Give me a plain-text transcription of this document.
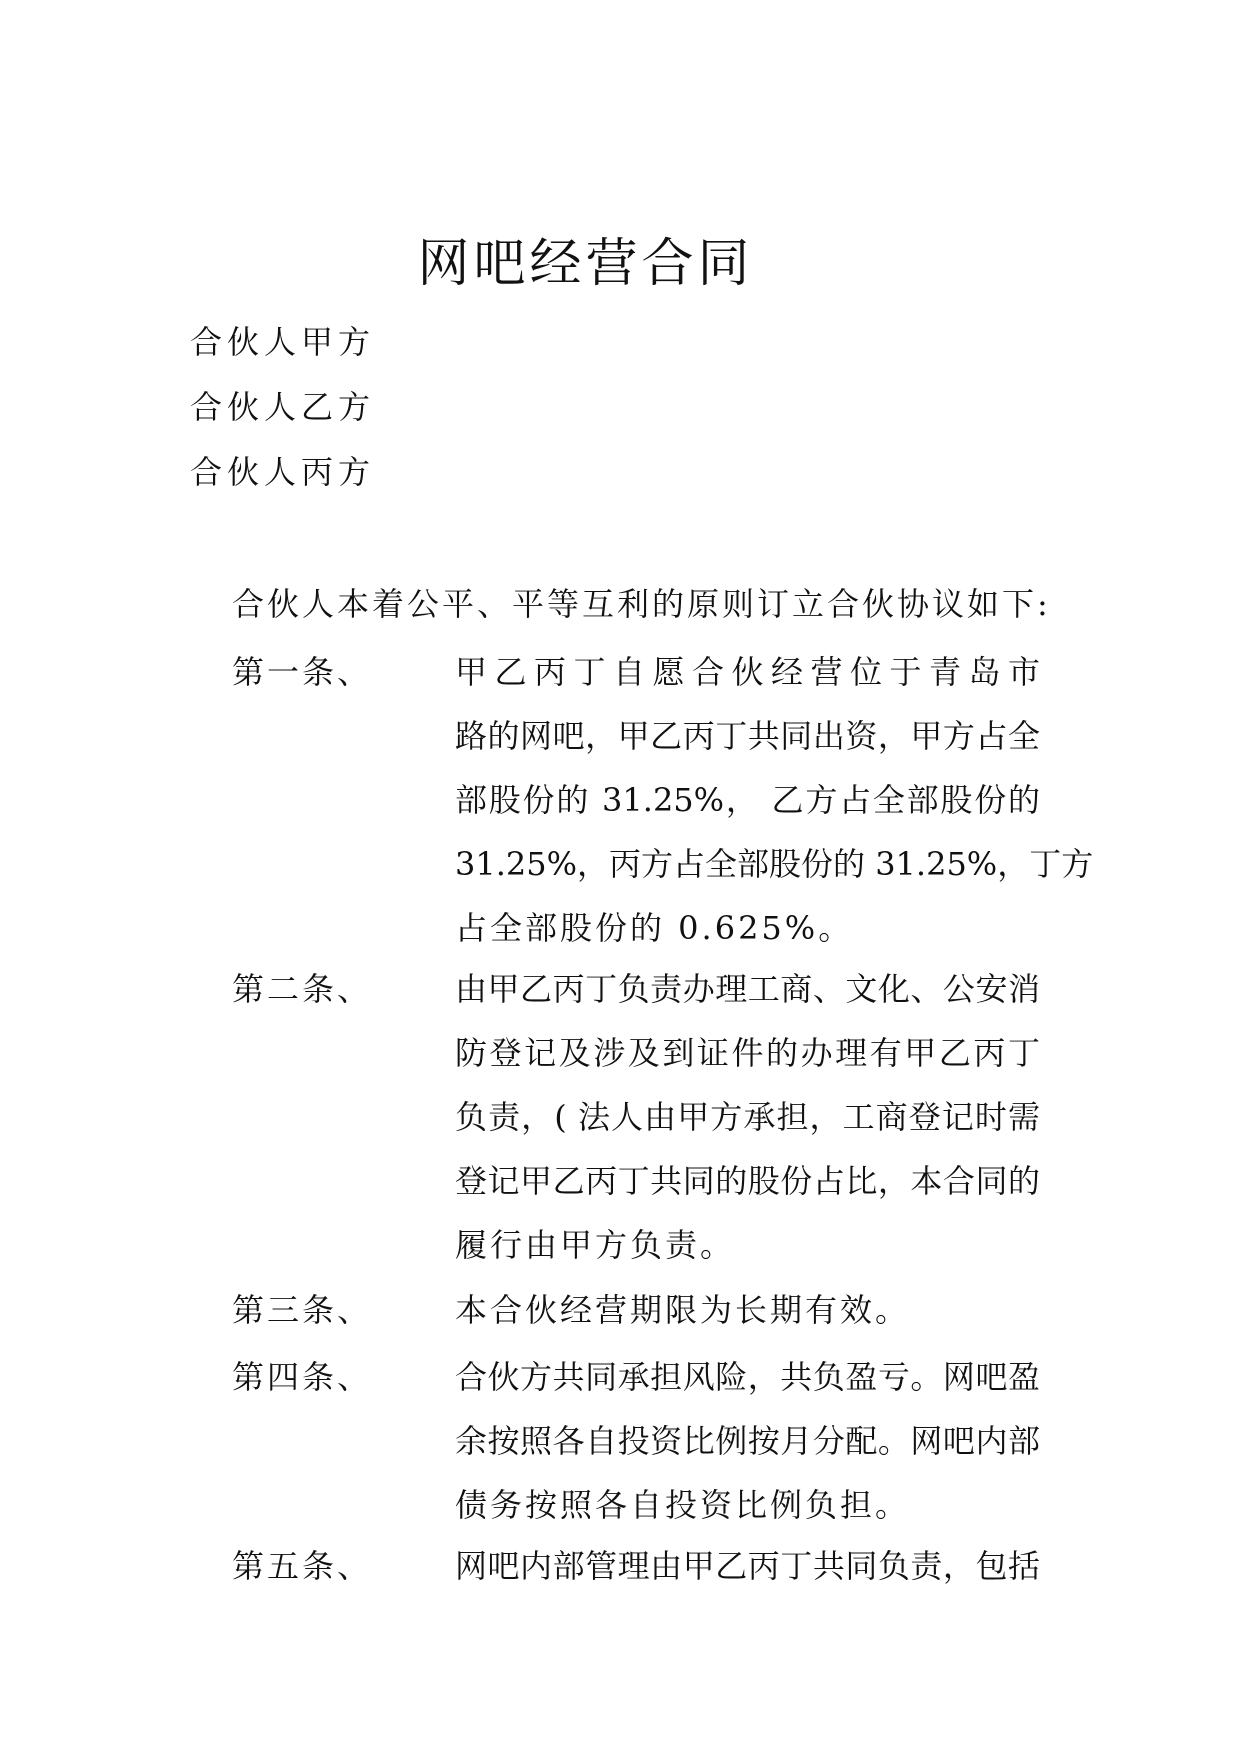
网吧经营合同
合伙人甲方
合伙人乙方
合伙人丙方
合伙人本着公平、平等互利的原则订立合伙协议如下:
第一条、	甲乙丙丁自愿合伙经营位于青岛市
路的网吧，甲乙丙丁共同出资，甲方占全
部股份的 31.25%， 乙方占全部股份的
31.25%，丙方占全部股份的 31.25%，丁方
占全部股份的 0.625%。
第二条、	由甲乙丙丁负责办理工商、文化、公安消
防登记及涉及到证件的办理有甲乙丙丁
负责，( 法人由甲方承担，工商登记时需
登记甲乙丙丁共同的股份占比，本合同的
履行由甲方负责。
第三条、	本合伙经营期限为长期有效。
第四条、	合伙方共同承担风险，共负盈亏。网吧盈
余按照各自投资比例按月分配。网吧内部
债务按照各自投资比例负担。
第五条、	网吧内部管理由甲乙丙丁共同负责，包括
